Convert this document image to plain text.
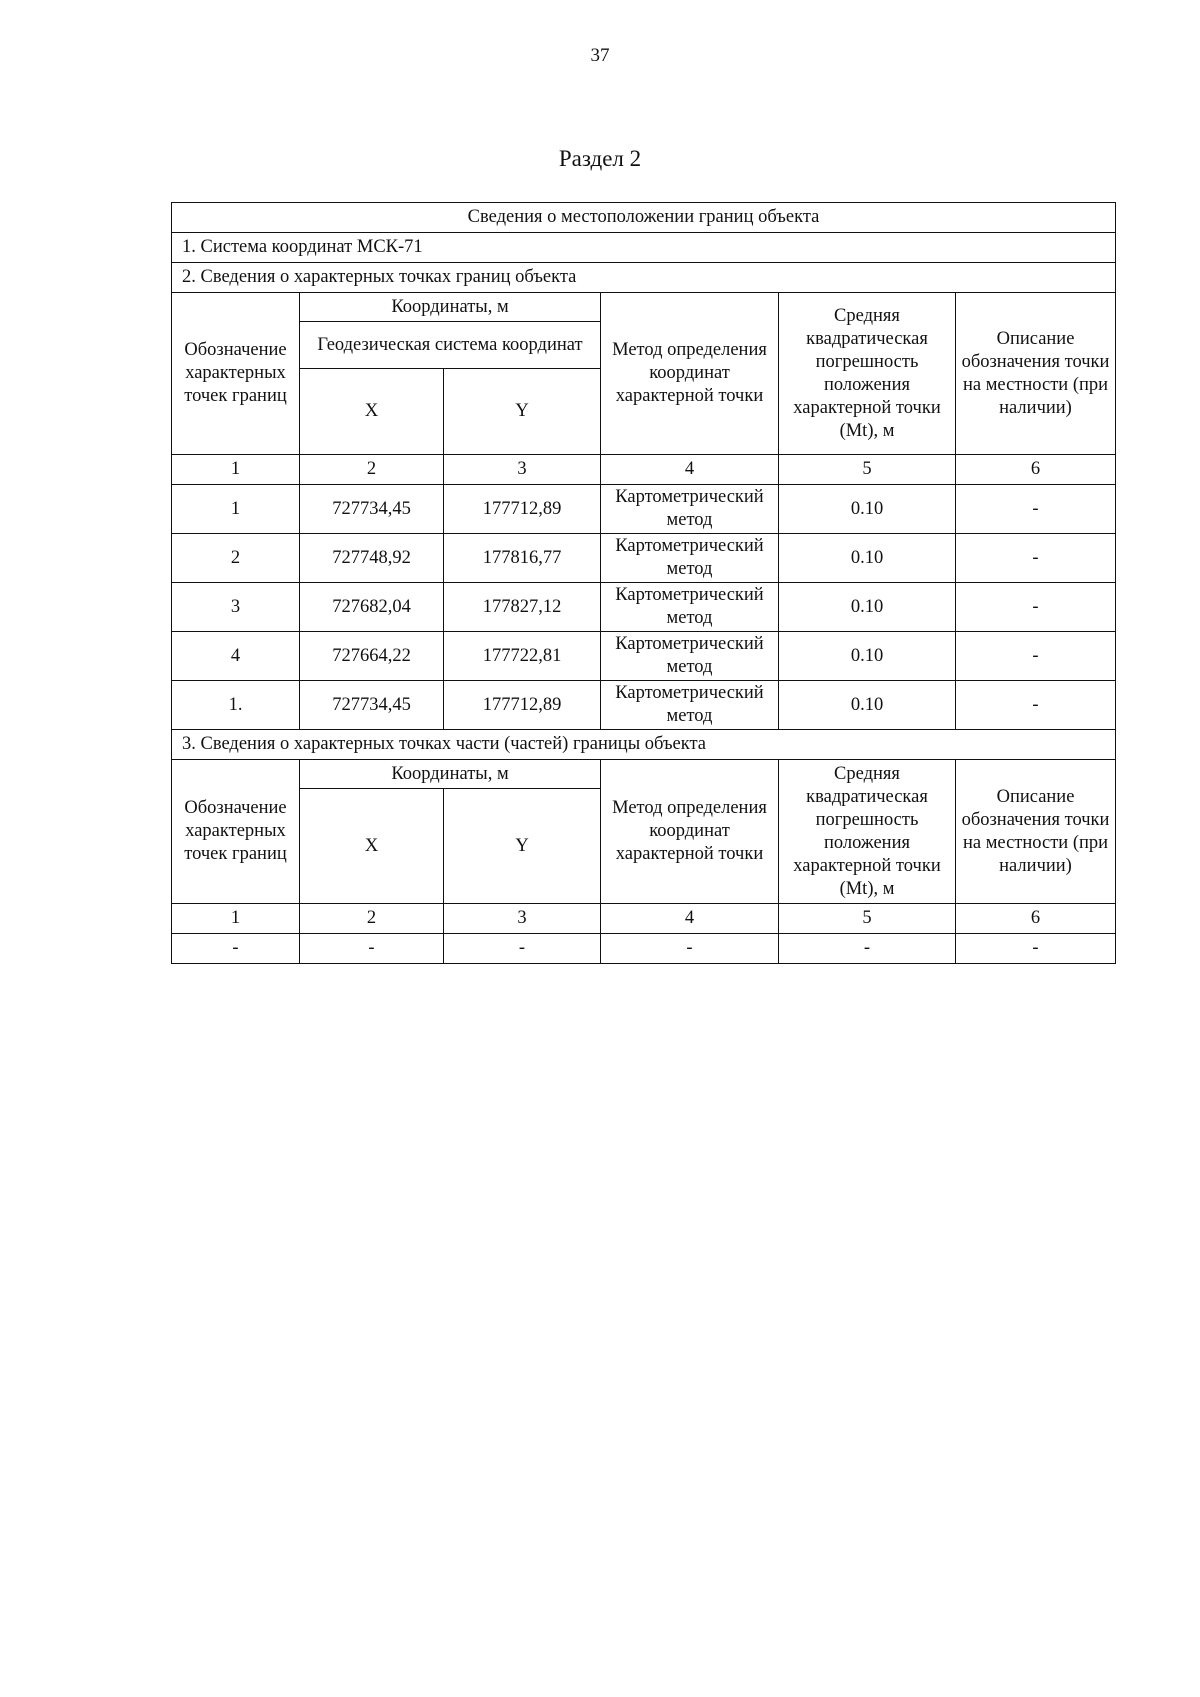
37
Раздел 2
Сведения о местоположении границ объекта					
1. Система координат МСК-71					
2. Сведения о характерных точках границ объекта					
Обозначение характерных точек границ	Координаты, м		Метод определения координат характерной точки	Средняя квадратическая погрешность положения характерной точки (Mt), м	Описание обозначения точки на местности (при наличии)
	Геодезическая система координат				
	X	Y			
1	2	3	4	5	6
1	727734,45	177712,89	Картометрический метод	0.10	-
2	727748,92	177816,77	Картометрический метод	0.10	-
3	727682,04	177827,12	Картометрический метод	0.10	-
4	727664,22	177722,81	Картометрический метод	0.10	-
1.	727734,45	177712,89	Картометрический метод	0.10	-
3. Сведения о характерных точках части (частей) границы объекта					
Обозначение характерных точек границ	Координаты, м		Метод определения координат характерной точки	Средняя квадратическая погрешность положения характерной точки (Mt), м	Описание обозначения точки на местности (при наличии)
	X	Y			
1	2	3	4	5	6
-	-	-	-	-	-
